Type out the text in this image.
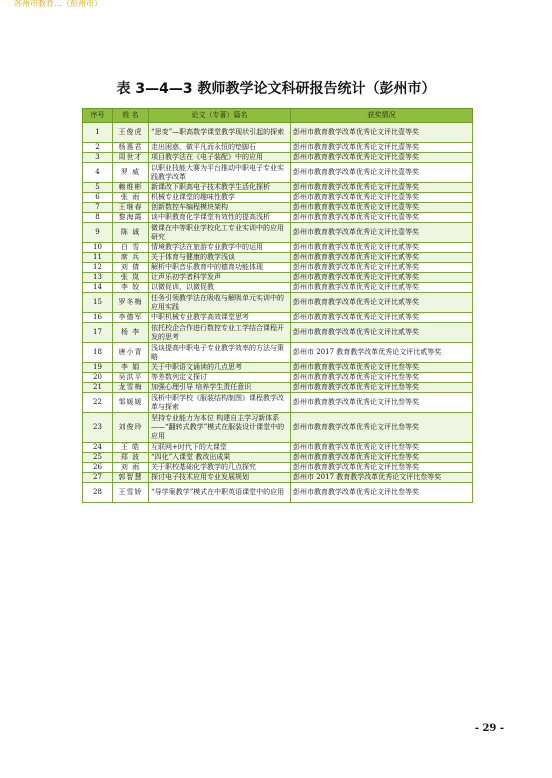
苏州市教育…（彭州市）
表 3—4—3 教师教学论文科研报告统计（彭州市）
序号	姓 名	论文（专著）篇名	获奖情况
1	王俊虎	“思变”—职高数学课堂教学现状引起的探索	彭州市教育教学改革优秀论文评比壹等奖
2	杨惠君	走出困惑，做平凡而永恒的垫脚石	彭州市教育教学改革优秀论文评比壹等奖
3	周世才	项目教学法在《电子装配》中的应用	彭州市教育教学改革优秀论文评比壹等奖
4	罗 威	以职业技能大赛为平台推动中职电子专业实践教学改革	彭州市教育教学改革优秀论文评比壹等奖
5	赖维彬	新课改下职高电子技术教学生活化探析	彭州市教育教学改革优秀论文评比壹等奖
6	张 雨	机械专业课堂的趣味性教学	彭州市教育教学改革优秀论文评比壹等奖
7	王继春	创新数控车编程模块架构	彭州市教育教学改革优秀论文评比壹等奖
8	黎海霞	谈中职教育化学课堂有效性的提高浅析	彭州市教育教学改革优秀论文评比壹等奖
9	陈 诚	微课在中等职业学校化工专业实训中的应用研究	彭州市教育教学改革优秀论文评比壹等奖
10	白 雪	情境教学法在旅游专业教学中的运用	彭州市教育教学改革优秀论文评比贰等奖
11	席 兵	关于体育与健康的教学浅谈	彭州市教育教学改革优秀论文评比贰等奖
12	刘 倩	解析中职音乐教育中的德育功能体现	彭州市教育教学改革优秀论文评比贰等奖
13	张 岚	让声乐初学者科学发声	彭州市教育教学改革优秀论文评比贰等奖
14	李 姣	以微促训，以微促教	彭州市教育教学改革优秀论文评比贰等奖
15	罗冬梅	任务引领教学法在吸收与解吸单元实训中的应用实践	彭州市教育教学改革优秀论文评比贰等奖
16	李德军	中职机械专业教学高效课堂思考	彭州市教育教学改革优秀论文评比贰等奖
17	杨 李	依托校企合作进行数控专业工学结合课程开发的思考	彭州市教育教学改革优秀论文评比贰等奖
18	唐小青	浅谈提高中职电子专业教学效率的方法与策略	彭州市 2017 教育教学改革优秀论文评比贰等奖
19	李 娟	关于中职语文诵读的几点思考	彭州市教育教学改革优秀论文评比叁等奖
20	吴洪平	等差数列定义探讨	彭州市教育教学改革优秀论文评比叁等奖
21	龙雪梅	加强心理引导 培养学生责任意识	彭州市教育教学改革优秀论文评比叁等奖
22	邹媛媛	浅析中职学校《服装结构制图》课程教学改革与探索	彭州市教育教学改革优秀论文评比叁等奖
23	刘俊玲	坚持专业能力为本位 构建自主学习新体系——“翻转式教学”模式在服装设计课堂中的应用	彭州市教育教学改革优秀论文评比叁等奖
24	王 皓	互联网+时代下的大课堂	彭州市教育教学改革优秀论文评比叁等奖
25	郑 波	“四化”入课堂 教改出成果	彭州市教育教学改革优秀论文评比叁等奖
26	刘 雨	关于职校基础化学教学的几点探究	彭州市教育教学改革优秀论文评比叁等奖
27	郭智慧	探讨电子技术应用专业发展规划	彭州市 2017 教育教学改革优秀论文评比叁等奖
28	王雪娇	“导学案教学”模式在中职英语课堂中的应用	彭州市教育教学改革优秀论文评比叁等奖
- 29 -
